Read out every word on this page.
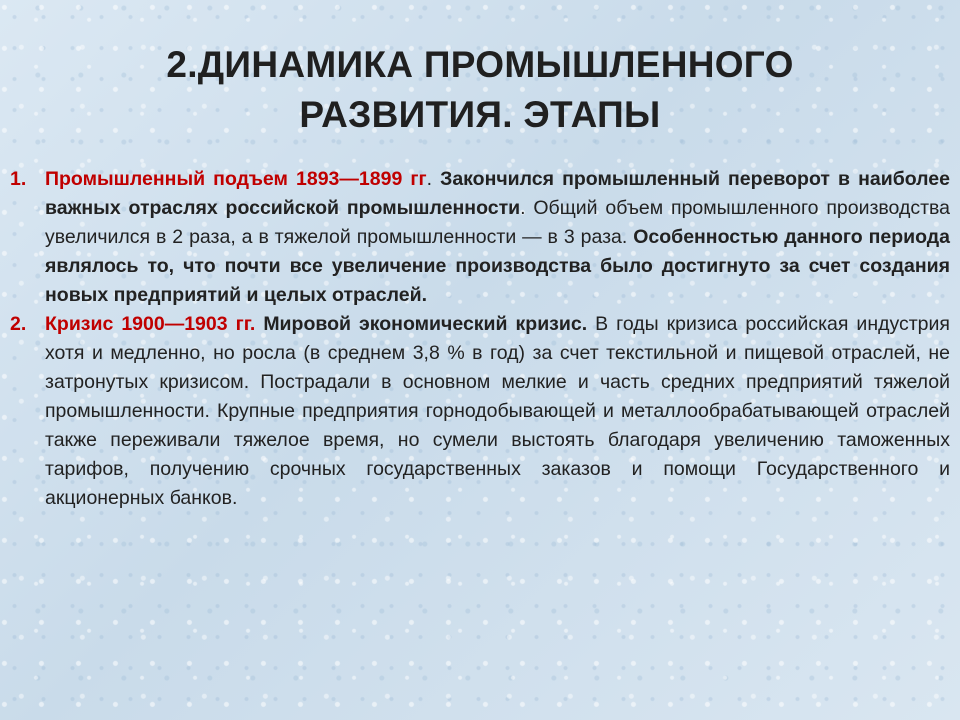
2.ДИНАМИКА ПРОМЫШЛЕННОГО
РАЗВИТИЯ. ЭТАПЫ
1. Промышленный подъем 1893—1899 гг. Закончился промышленный переворот в наиболее важных отраслях российской промышленности. Общий объем промышленного производства увеличился в 2 раза, а в тяжелой промышленности — в 3 раза. Особенностью данного периода являлось то, что почти все увеличение производства было достигнуто за счет создания новых предприятий и целых отраслей.
2. Кризис 1900—1903 гг. Мировой экономический кризис. В годы кризиса российская индустрия хотя и медленно, но росла (в среднем 3,8 % в год) за счет текстильной и пищевой отраслей, не затронутых кризисом. Пострадали в основном мелкие и часть средних предприятий тяжелой промышленности. Крупные предприятия горнодобывающей и металлообрабатывающей отраслей также переживали тяжелое время, но сумели выстоять благодаря увеличению таможенных тарифов, получению срочных государственных заказов и помощи Государственного и акционерных банков.
